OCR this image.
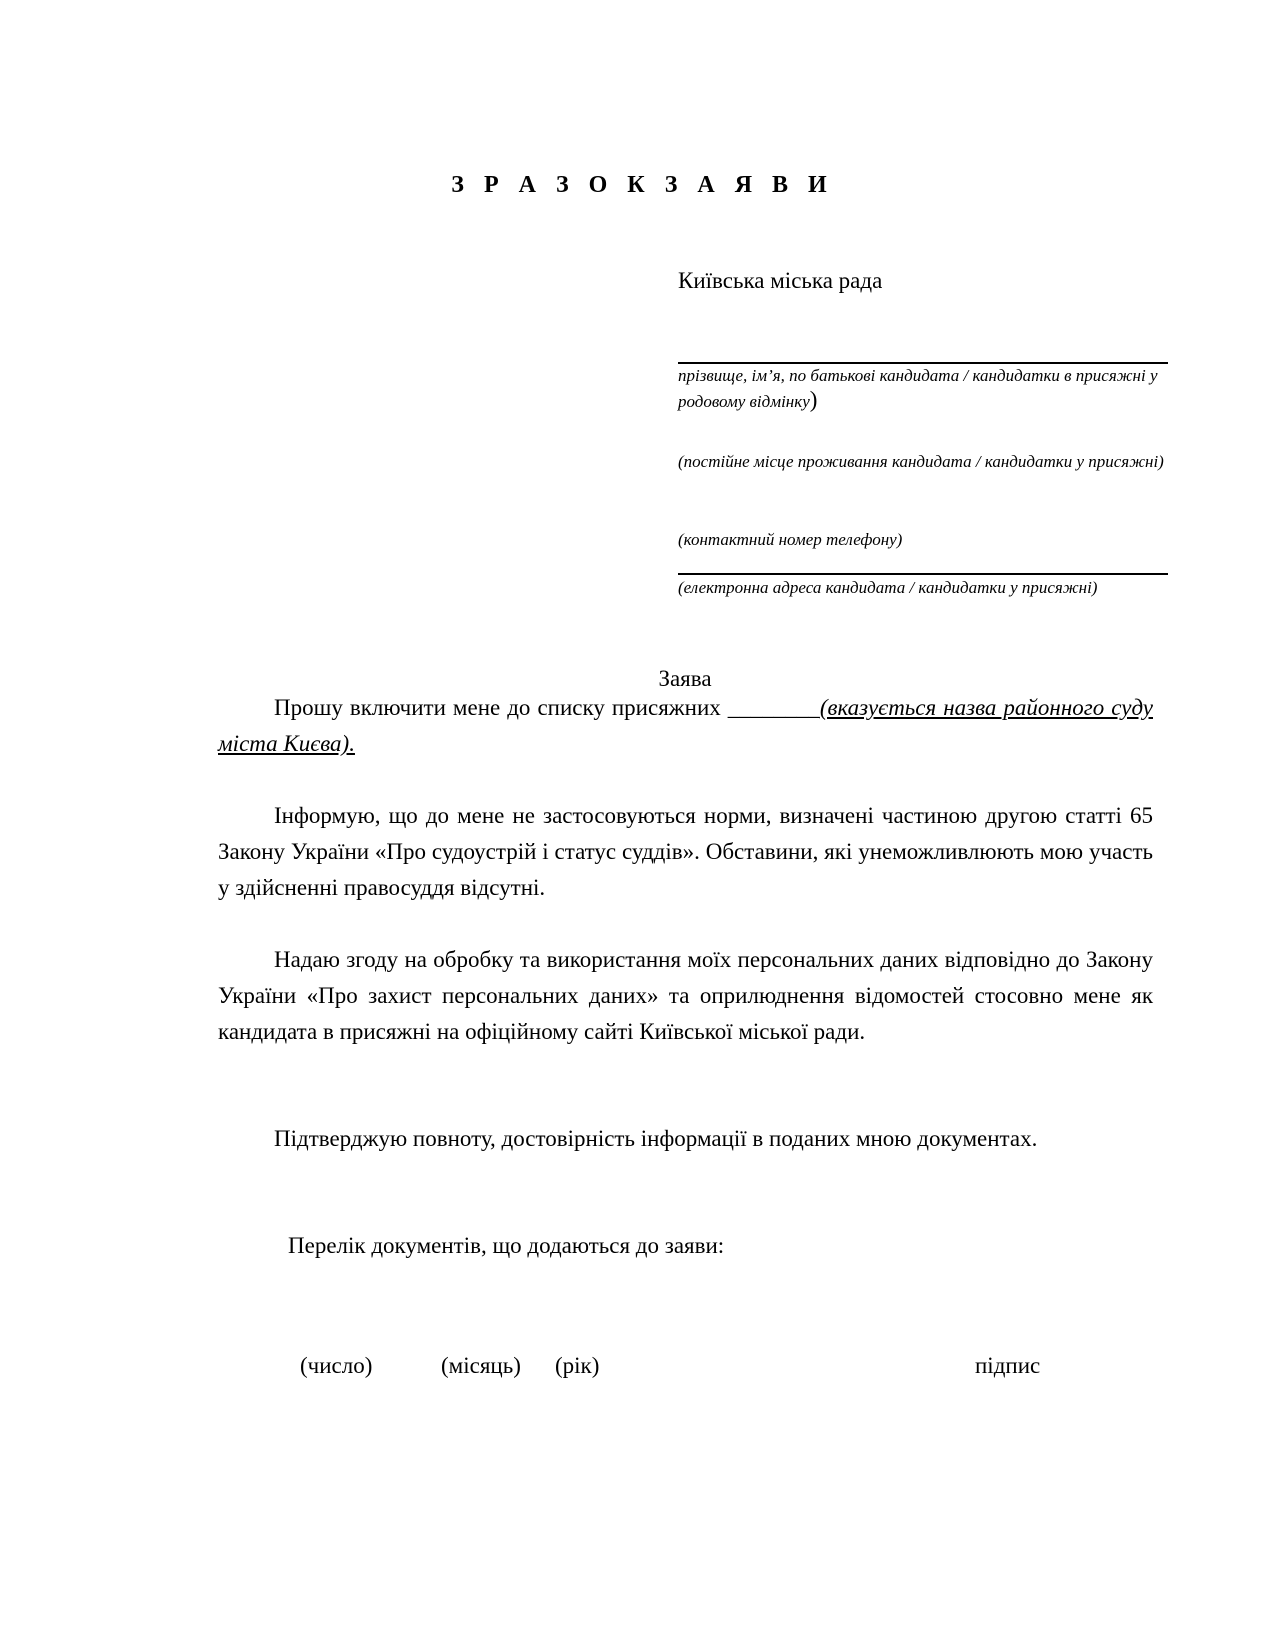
З Р А З О К З А Я В И
Київська міська рада
прізвище, ім’я, по батькові кандидата / кандидатки в присяжні у родовому відмінку)
(постійне місце проживання кандидата / кандидатки у присяжні)
(контактний номер телефону)
(електронна адреса кандидата / кандидатки у присяжні)
Заява
Прошу включити мене до списку присяжних ________(вказується назва районного суду міста Києва).
Інформую, що до мене не застосовуються норми, визначені частиною другою статті 65 Закону України «Про судоустрій і статус суддів». Обставини, які унеможливлюють мою участь у здійсненні правосуддя відсутні.
Надаю згоду на обробку та використання моїх персональних даних відповідно до Закону України «Про захист персональних даних» та оприлюднення відомостей стосовно мене як кандидата в присяжні на офіційному сайті Київської міської ради.
Підтверджую повноту, достовірність інформації в поданих мною документах.
Перелік документів, що додаються до заяви:
(число)	(місяць) (рік)	підпис
